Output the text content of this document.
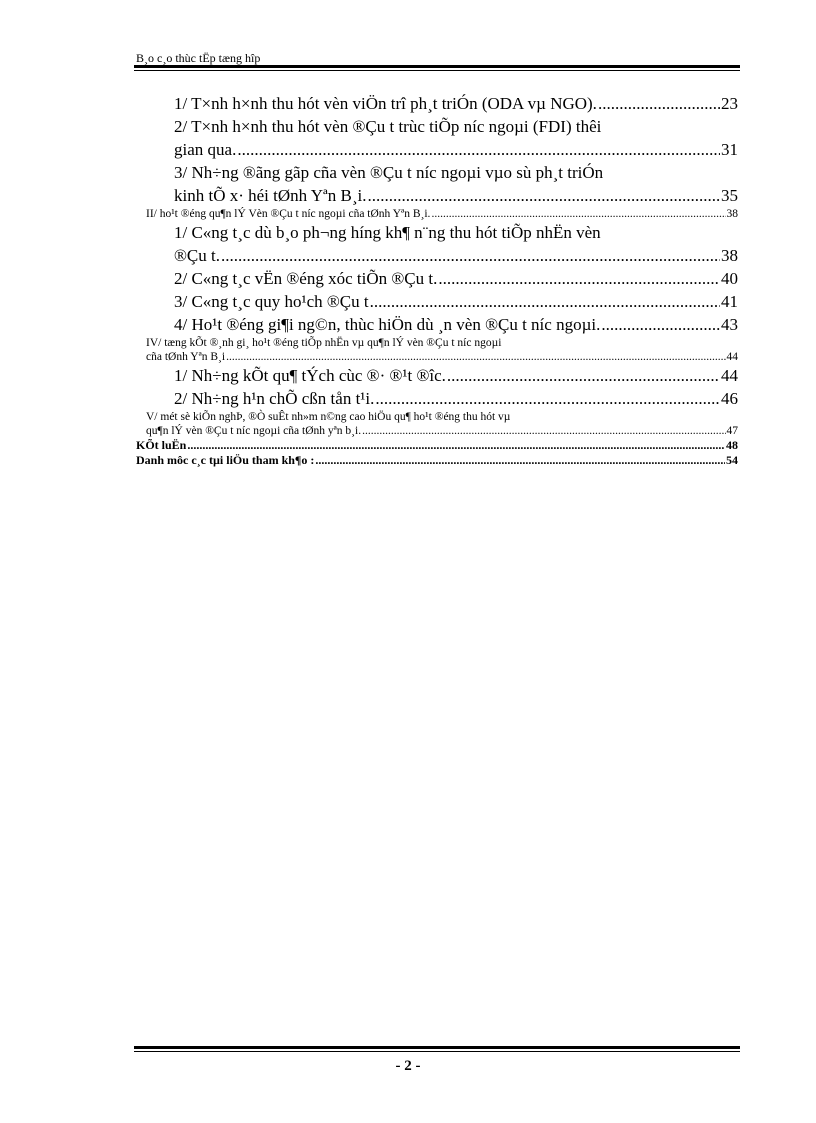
B¸o c¸o thùc tËp tæng hîp
1/ T×nh h×nh thu hót vèn viÖn trî ph¸t triÓn (ODA vµ NGO). .....	23
2/ T×nh h×nh thu hót vèn ®Çu t trùc tiÕp níc ngoµi (FDI) thêi
gian qua. .....	31
3/ Nh÷ng ®ãng gãp cña vèn ®Çu t níc ngoµi vµo sù ph¸t triÓn
kinh tÕ x· héi tØnh Yªn B¸i. .....	35
II/ ho¹t ®éng qu¶n lÝ Vèn ®Çu t níc ngoµi cña tØnh Yªn B¸i. .....	38
1/ C«ng t¸c dù b¸o ph¬ng híng kh¶ n¨ng thu hót tiÕp nhËn vèn
®Çu t. .....	38
2/ C«ng t¸c vËn ®éng xóc tiÕn ®Çu t. .....	40
3/ C«ng t¸c quy ho¹ch ®Çu t .....	41
4/ Ho¹t ®éng gi¶i ng©n, thùc hiÖn dù ¸n vèn ®Çu t níc ngoµi. .....	43
IV/ tæng kÕt ®¸nh gi¸ ho¹t ®éng tiÕp nhËn vµ qu¶n lÝ vèn ®Çu t níc ngoµi
cña tØnh Yªn B¸i .....	44
1/ Nh÷ng kÕt qu¶ tÝch cùc ®· ®¹t ®îc. .....	44
2/ Nh÷ng h¹n chÕ cßn tån t¹i. .....	46
V/ mét sè kiÕn nghÞ, ®Ò suÊt nh»m n©ng cao hiÖu qu¶ ho¹t ®éng thu hót vµ
qu¶n lÝ vèn ®Çu t níc ngoµi cña tØnh yªn b¸i. .....	47
KÕt luËn .....	48
Danh môc c¸c tµi liÖu tham kh¶o : .....	54
- 2 -
